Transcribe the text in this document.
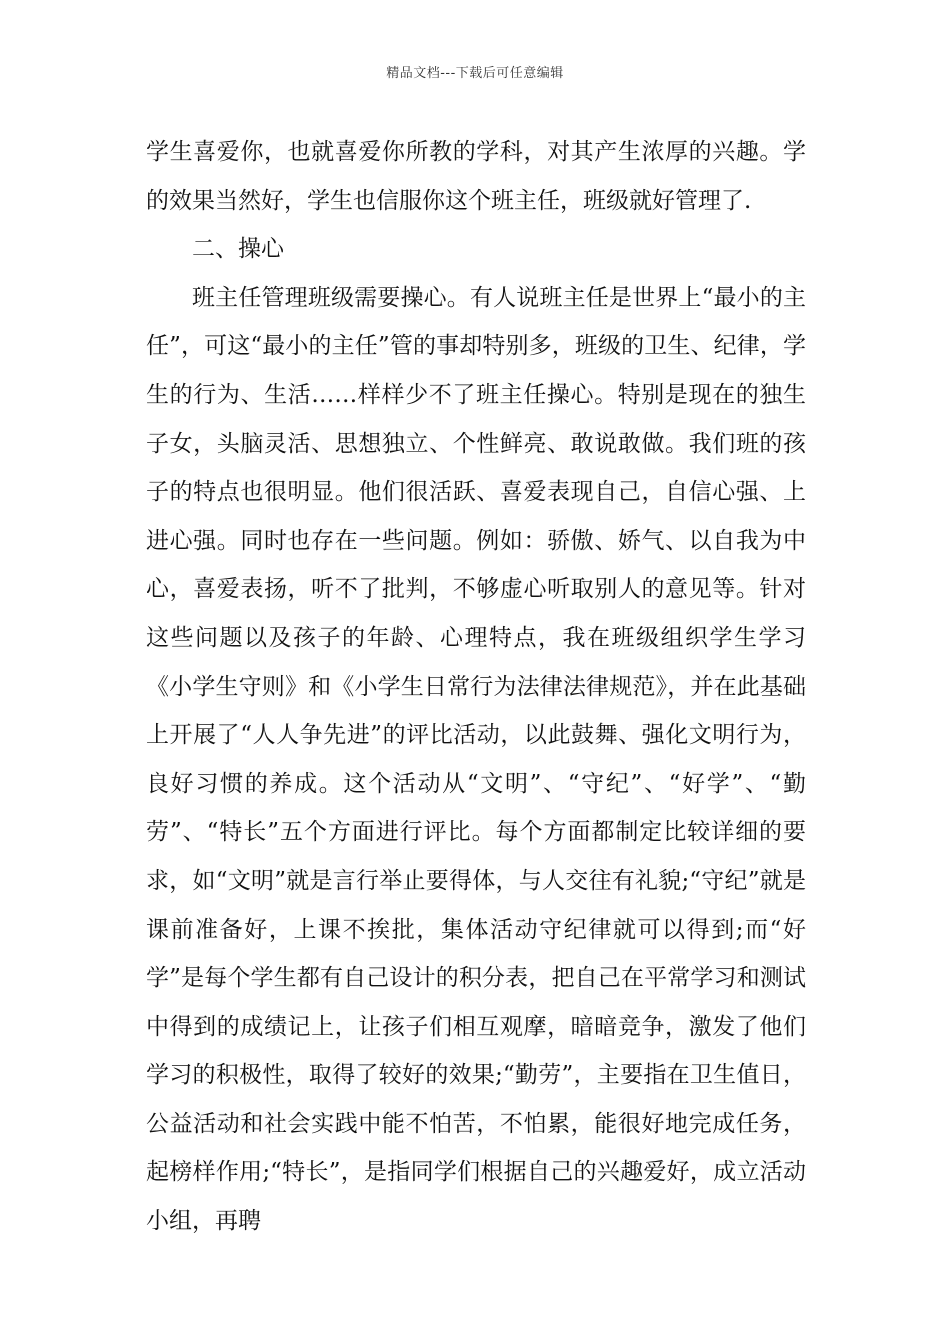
精品文档---下载后可任意编辑

学生喜爱你，也就喜爱你所教的学科，对其产生浓厚的兴趣。学的效果当然好，学生也信服你这个班主任，班级就好管理了.

二、操心

班主任管理班级需要操心。有人说班主任是世界上“最小的主任”，可这“最小的主任”管的事却特别多，班级的卫生、纪律，学生的行为、生活……样样少不了班主任操心。特别是现在的独生子女，头脑灵活、思想独立、个性鲜亮、敢说敢做。我们班的孩子的特点也很明显。他们很活跃、喜爱表现自己，自信心强、上进心强。同时也存在一些问题。例如：骄傲、娇气、以自我为中心，喜爱表扬，听不了批判，不够虚心听取别人的意见等。针对这些问题以及孩子的年龄、心理特点，我在班级组织学生学习《小学生守则》和《小学生日常行为法律法律规范》，并在此基础上开展了“人人争先进”的评比活动，以此鼓舞、强化文明行为，良好习惯的养成。这个活动从“文明”、“守纪”、“好学”、“勤劳”、“特长”五个方面进行评比。每个方面都制定比较详细的要求，如“文明”就是言行举止要得体，与人交往有礼貌;“守纪”就是课前准备好，上课不挨批，集体活动守纪律就可以得到;而“好学”是每个学生都有自己设计的积分表，把自己在平常学习和测试中得到的成绩记上，让孩子们相互观摩，暗暗竞争，激发了他们学习的积极性，取得了较好的效果;“勤劳”，主要指在卫生值日，公益活动和社会实践中能不怕苦，不怕累，能很好地完成任务，起榜样作用;“特长”，是指同学们根据自己的兴趣爱好，成立活动小组，再聘
